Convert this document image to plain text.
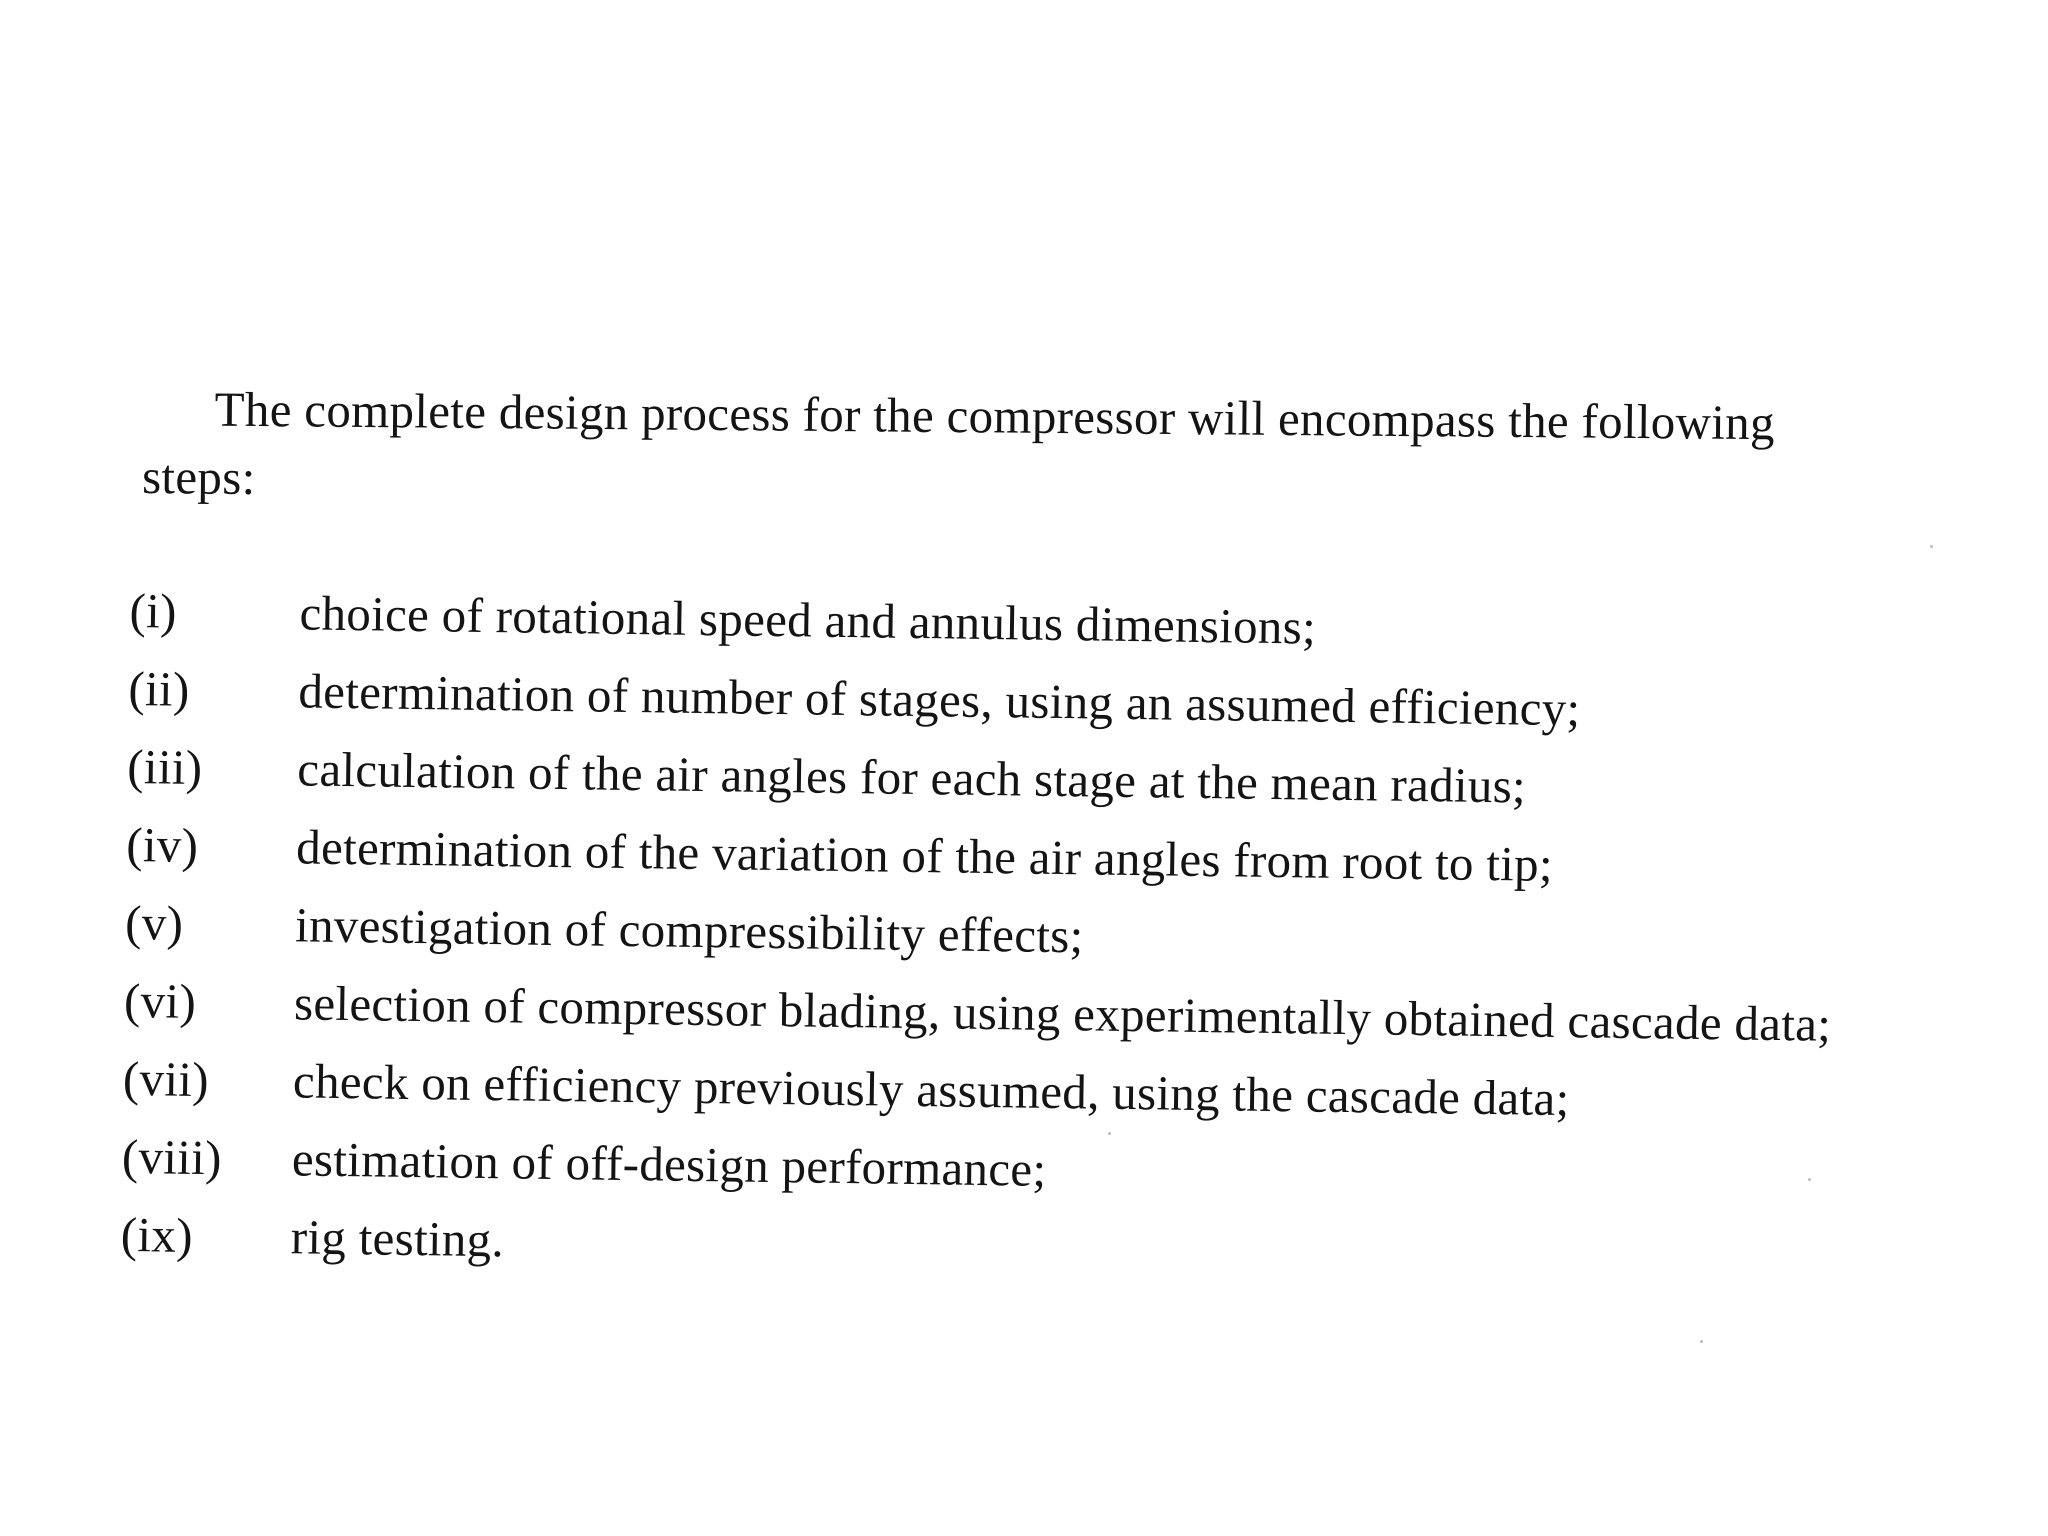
The complete design process for the compressor will encompass the following
steps:
(i)	choice of rotational speed and annulus dimensions;
(ii)	determination of number of stages, using an assumed efficiency;
(iii)	calculation of the air angles for each stage at the mean radius;
(iv)	determination of the variation of the air angles from root to tip;
(v)	investigation of compressibility effects;
(vi)	selection of compressor blading, using experimentally obtained cascade data;
(vii)	check on efficiency previously assumed, using the cascade data;
(viii)	estimation of off-design performance;
(ix)	rig testing.
